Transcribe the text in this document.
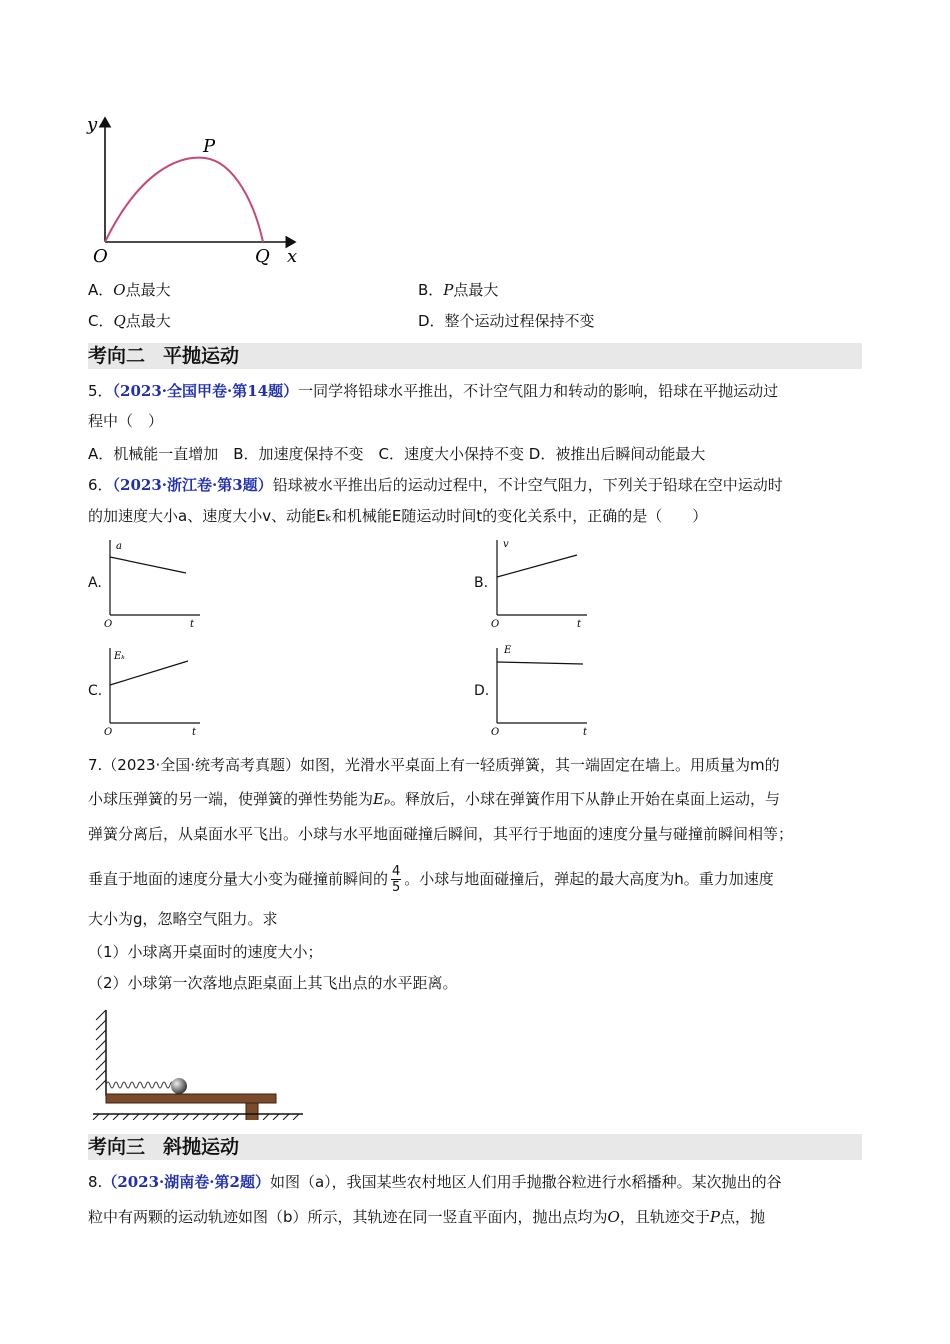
y
x
O
P
Q
A．O点最大	B．P点最大
C．Q点最大	D．整个运动过程保持不变
考向二 平抛运动
5．（2023·全国甲卷·第14题）一同学将铅球水平推出，不计空气阻力和转动的影响，铅球在平抛运动过
程中（　）
A．机械能一直增加　B．加速度保持不变　C．速度大小保持不变 D．被推出后瞬间动能最大
6．（2023·浙江卷·第3题）铅球被水平推出后的运动过程中，不计空气阻力，下列关于铅球在空中运动时
的加速度大小a、速度大小v、动能Eₖ和机械能E随运动时间t的变化关系中，正确的是（　　）
A.
a
O	t
B.
v
O	t
C.
Eₖ
O	t
D.
E
O	t
7.（2023·全国·统考高考真题）如图，光滑水平桌面上有一轻质弹簧，其一端固定在墙上。用质量为m的
小球压弹簧的另一端，使弹簧的弹性势能为Eₚ。释放后，小球在弹簧作用下从静止开始在桌面上运动，与
弹簧分离后，从桌面水平飞出。小球与水平地面碰撞后瞬间，其平行于地面的速度分量与碰撞前瞬间相等；
垂直于地面的速度分量大小变为碰撞前瞬间的 $\frac{4}{5}$ 。小球与地面碰撞后，弹起的最大高度为h。重力加速度
大小为g，忽略空气阻力。求
（1）小球离开桌面时的速度大小；
（2）小球第一次落地点距桌面上其飞出点的水平距离。
考向三 斜抛运动
8.（2023·湖南卷·第2题）如图（a），我国某些农村地区人们用手抛撒谷粒进行水稻播种。某次抛出的谷
粒中有两颗的运动轨迹如图（b）所示，其轨迹在同一竖直平面内，抛出点均为O，且轨迹交于P点，抛
